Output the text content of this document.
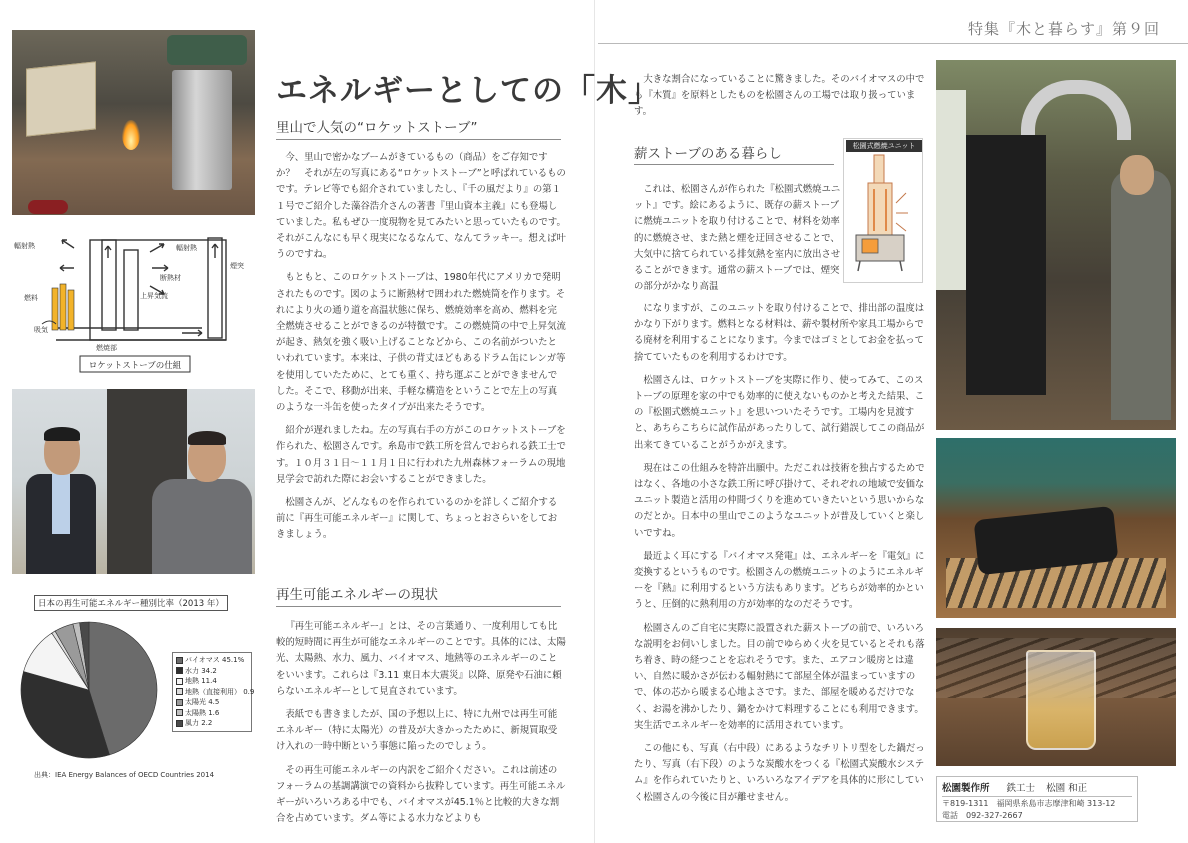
特集『木と暮らす』第９回
輻射熱	輻射熱
断熱材
煙突
燃料
吸気
上昇気流
燃焼部
ロケットストーブの仕組
日本の再生可能エネルギー種別比率（2013 年）
バイオマス 45.1%
水力 34.2
地熱 11.4
地熱（直接利用） 0.9
太陽光 4.5
太陽熱 1.6
風力 2.2
出典：IEA Energy Balances of OECD Countries 2014
エネルギーとしての「木」
里山で人気の“ロケットストーブ”

今、里山で密かなブームがきているもの（商品）をご存知ですか？　それが左の写真にある“ロケットストーブ”と呼ばれているものです。テレビ等でも紹介されていましたし、『千の風だより』の第１１号でご紹介した藻谷浩介さんの著書『里山資本主義』にも登場していました。私もぜひ一度現物を見てみたいと思っていたものです。それがこんなにも早く現実になるなんて、なんてラッキー。想えば叶うのですね。

もともと、このロケットストーブは、1980年代にアメリカで発明されたものです。図のように断熱材で囲われた燃焼筒を作ります。それにより火の通り道を高温状態に保ち、燃焼効率を高め、燃料を完全燃焼させることができるのが特徴です。この燃焼筒の中で上昇気流が起き、熱気を強く吸い上げることなどから、この名前がついたといわれています。本来は、子供の背丈ほどもあるドラム缶にレンガ等を使用していたために、とても重く、持ち運ぶことができませんでした。そこで、移動が出来、手軽な構造をということで左上の写真のような一斗缶を使ったタイプが出来たそうです。

紹介が遅れましたね。左の写真右手の方がこのロケットストーブを作られた、松園さんです。糸島市で鉄工所を営んでおられる鉄工士です。１０月３１日〜１１月１日に行われた九州森林フォーラムの現地見学会で訪れた際にお会いすることができました。

松園さんが、どんなものを作られているのかを詳しくご紹介する前に『再生可能エネルギー』に関して、ちょっとおさらいをしておきましょう。

再生可能エネルギーの現状

『再生可能エネルギー』とは、その言葉通り、一度利用しても比較的短時間に再生が可能なエネルギーのことです。具体的には、太陽光、太陽熱、水力、風力、バイオマス、地熱等のエネルギーのことをいいます。これらは『3.11 東日本大震災』以降、原発や石油に頼らないエネルギーとして見直されています。

表紙でも書きましたが、国の予想以上に、特に九州では再生可能エネルギー（特に太陽光）の普及が大きかったために、新規買取受け入れの一時中断という事態に陥ったのでしょう。

その再生可能エネルギーの内訳をご紹介ください。これは前述のフォーラムの基調講演での資料から抜粋しています。再生可能エネルギーがいろいろある中でも、バイオマスが45.1％と比較的大きな割合を占めています。ダム等による水力などよりも

大きな割合になっていることに驚きました。そのバイオマスの中でも『木質』を原料としたものを松園さんの工場では取り扱っています。

薪ストーブのある暮らし

これは、松園さんが作られた『松園式燃焼ユニット』です。絵にあるように、既存の薪ストーブに燃焼ユニットを取り付けることで、材料を効率的に燃焼させ、また熱と煙を迂回させることで、大気中に捨てられている排気熱を室内に放出させることができます。通常の薪ストーブでは、煙突の部分がかなり高温

松園式燃焼ユニット

になりますが、このユニットを取り付けることで、排出部の温度はかなり下がります。燃料となる材料は、薪や製材所や家具工場からでる廃材を利用することになります。今まではゴミとしてお金を払って捨てていたものを利用するわけです。

松園さんは、ロケットストーブを実際に作り、使ってみて、このストーブの原理を家の中でも効率的に使えないものかと考えた結果、この『松園式燃焼ユニット』を思いついたそうです。工場内を見渡すと、あちらこちらに試作品があったりして、試行錯誤してこの商品が出来てきていることがうかがえます。

現在はこの仕組みを特許出願中。ただこれは技術を独占するためではなく、各地の小さな鉄工所に呼び掛けて、それぞれの地域で安価なユニット製造と活用の仲間づくりを進めていきたいという思いからなのだとか。日本中の里山でこのようなユニットが普及していくと楽しいですね。

最近よく耳にする『バイオマス発電』は、エネルギーを『電気』に変換するというものです。松園さんの燃焼ユニットのようにエネルギーを『熱』に利用するという方法もあります。どちらが効率的かというと、圧倒的に熱利用の方が効率的なのだそうです。

松園さんのご自宅に実際に設置された薪ストーブの前で、いろいろな説明をお伺いしました。目の前でゆらめく火を見ているとそれも落ち着き、時の経つことを忘れそうです。また、エアコン暖房とは違い、自然に暖かさが伝わる輻射熱にて部屋全体が温まっていますので、体の芯から暖まる心地よさです。また、部屋を暖めるだけでなく、お湯を沸かしたり、鍋をかけて料理することにも利用できます。実生活でエネルギーを効率的に活用されています。

この他にも、写真（右中段）にあるようなチリトリ型をした鍋だったり、写真（右下段）のような炭酸水をつくる『松園式炭酸水システム』を作られていたりと、いろいろなアイデアを具体的に形にしていく松園さんの今後に目が離せません。

松園製作所 鉄工士 松園 和正
〒819-1311　福岡県糸島市志摩津和崎 313-12
電話　092-327-2667
